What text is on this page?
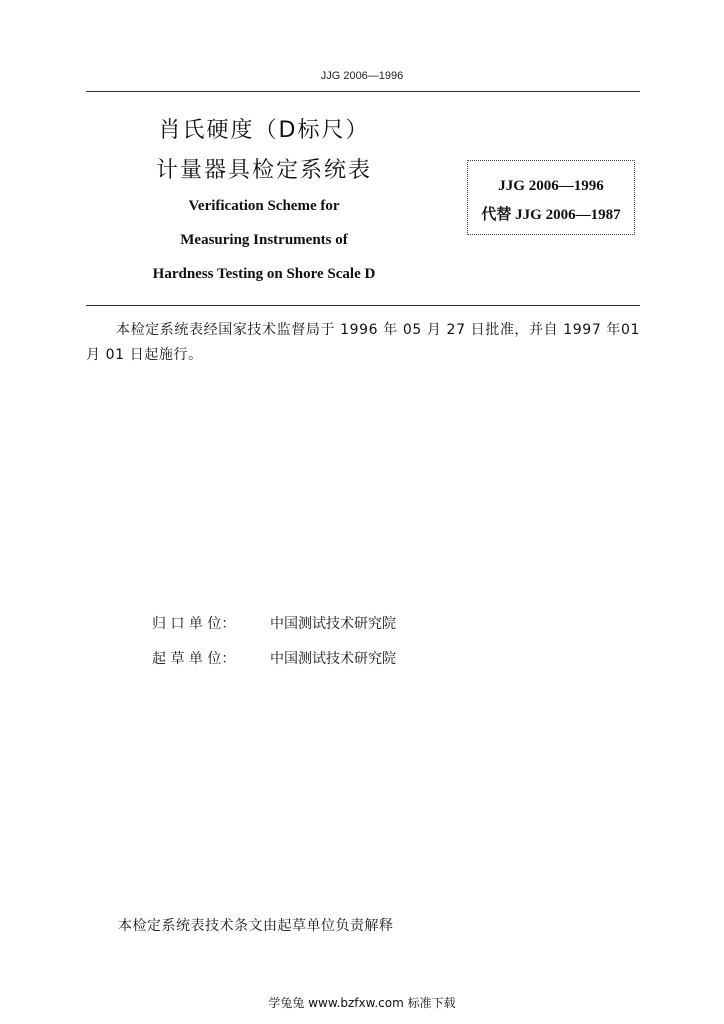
JJG 2006—1996
肖氏硬度（D标尺）
计量器具检定系统表
Verification Scheme for
Measuring Instruments of
Hardness Testing on Shore Scale D
JJG 2006—1996
代替 JJG 2006—1987
本检定系统表经国家技术监督局于 1996 年 05 月 27 日批准，并自 1997 年01 月 01 日起施行。
归 口 单 位： 中国测试技术研究院
起 草 单 位： 中国测试技术研究院
本检定系统表技术条文由起草单位负责解释
学兔兔 www.bzfxw.com 标准下载
